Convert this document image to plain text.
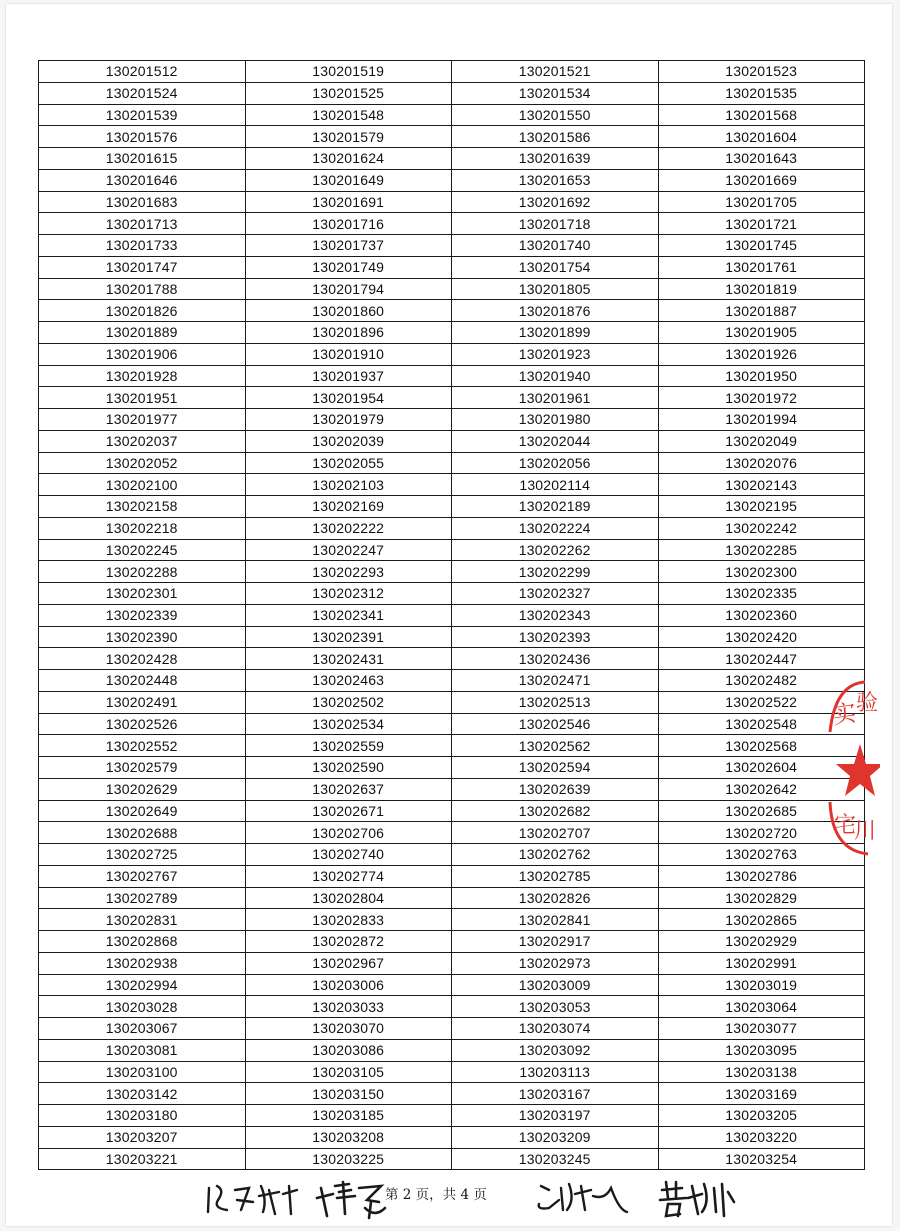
130201512	130201519	130201521	130201523
130201524	130201525	130201534	130201535
130201539	130201548	130201550	130201568
130201576	130201579	130201586	130201604
130201615	130201624	130201639	130201643
130201646	130201649	130201653	130201669
130201683	130201691	130201692	130201705
130201713	130201716	130201718	130201721
130201733	130201737	130201740	130201745
130201747	130201749	130201754	130201761
130201788	130201794	130201805	130201819
130201826	130201860	130201876	130201887
130201889	130201896	130201899	130201905
130201906	130201910	130201923	130201926
130201928	130201937	130201940	130201950
130201951	130201954	130201961	130201972
130201977	130201979	130201980	130201994
130202037	130202039	130202044	130202049
130202052	130202055	130202056	130202076
130202100	130202103	130202114	130202143
130202158	130202169	130202189	130202195
130202218	130202222	130202224	130202242
130202245	130202247	130202262	130202285
130202288	130202293	130202299	130202300
130202301	130202312	130202327	130202335
130202339	130202341	130202343	130202360
130202390	130202391	130202393	130202420
130202428	130202431	130202436	130202447
130202448	130202463	130202471	130202482
130202491	130202502	130202513	130202522
130202526	130202534	130202546	130202548
130202552	130202559	130202562	130202568
130202579	130202590	130202594	130202604
130202629	130202637	130202639	130202642
130202649	130202671	130202682	130202685
130202688	130202706	130202707	130202720
130202725	130202740	130202762	130202763
130202767	130202774	130202785	130202786
130202789	130202804	130202826	130202829
130202831	130202833	130202841	130202865
130202868	130202872	130202917	130202929
130202938	130202967	130202973	130202991
130202994	130203006	130203009	130203019
130203028	130203033	130203053	130203064
130203067	130203070	130203074	130203077
130203081	130203086	130203092	130203095
130203100	130203105	130203113	130203138
130203142	130203150	130203167	130203169
130203180	130203185	130203197	130203205
130203207	130203208	130203209	130203220
130203221	130203225	130203245	130203254
实
验
宅
川
第 2 页，共 4 页
